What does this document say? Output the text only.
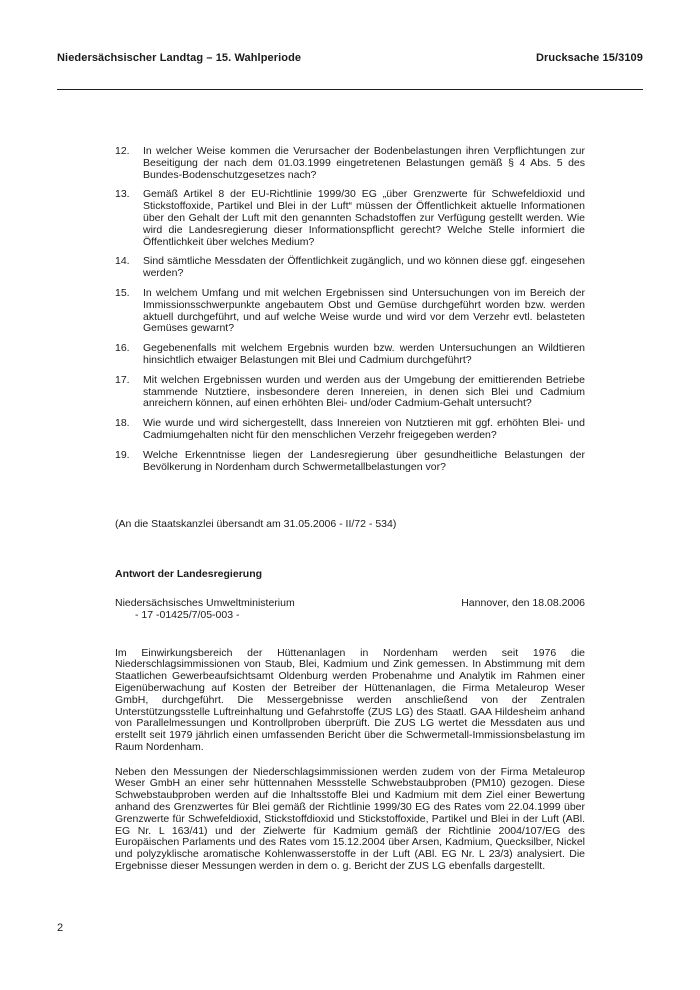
Niedersächsischer Landtag – 15. Wahlperiode	Drucksache 15/3109
12.	In welcher Weise kommen die Verursacher der Bodenbelastungen ihren Verpflichtungen zur Beseitigung der nach dem 01.03.1999 eingetretenen Belastungen gemäß § 4 Abs. 5 des Bundes-Bodenschutzgesetzes nach?
13.	Gemäß Artikel 8 der EU-Richtlinie 1999/30 EG „über Grenzwerte für Schwefeldioxid und Stickstoffoxide, Partikel und Blei in der Luft“ müssen der Öffentlichkeit aktuelle Informationen über den Gehalt der Luft mit den genannten Schadstoffen zur Verfügung gestellt werden. Wie wird die Landesregierung dieser Informationspflicht gerecht? Welche Stelle informiert die Öffentlichkeit über welches Medium?
14.	Sind sämtliche Messdaten der Öffentlichkeit zugänglich, und wo können diese ggf. eingesehen werden?
15.	In welchem Umfang und mit welchen Ergebnissen sind Untersuchungen von im Bereich der Immissionsschwerpunkte angebautem Obst und Gemüse durchgeführt worden bzw. werden aktuell durchgeführt, und auf welche Weise wurde und wird vor dem Verzehr evtl. belasteten Gemüses gewarnt?
16.	Gegebenenfalls mit welchem Ergebnis wurden bzw. werden Untersuchungen an Wildtieren hinsichtlich etwaiger Belastungen mit Blei und Cadmium durchgeführt?
17.	Mit welchen Ergebnissen wurden und werden aus der Umgebung der emittierenden Betriebe stammende Nutztiere, insbesondere deren Innereien, in denen sich Blei und Cadmium anreichern können, auf einen erhöhten Blei- und/oder Cadmium-Gehalt untersucht?
18.	Wie wurde und wird sichergestellt, dass Innereien von Nutztieren mit ggf. erhöhten Blei- und Cadmiumgehalten nicht für den menschlichen Verzehr freigegeben werden?
19.	Welche Erkenntnisse liegen der Landesregierung über gesundheitliche Belastungen der Bevölkerung in Nordenham durch Schwermetallbelastungen vor?
(An die Staatskanzlei übersandt am 31.05.2006 - II/72 - 534)
Antwort der Landesregierung
Niedersächsisches Umweltministerium
- 17 -01425/7/05-003 -
Hannover, den 18.08.2006

Im Einwirkungsbereich der Hüttenanlagen in Nordenham werden seit 1976 die Niederschlagsimmissionen von Staub, Blei, Kadmium und Zink gemessen. In Abstimmung mit dem Staatlichen Gewerbeaufsichtsamt Oldenburg werden Probenahme und Analytik im Rahmen einer Eigenüberwachung auf Kosten der Betreiber der Hüttenanlagen, die Firma Metaleurop Weser GmbH, durchgeführt. Die Messergebnisse werden anschließend von der Zentralen Unterstützungsstelle Luftreinhaltung und Gefahrstoffe (ZUS LG) des Staatl. GAA Hildesheim anhand von Parallelmessungen und Kontrollproben überprüft. Die ZUS LG wertet die Messdaten aus und erstellt seit 1979 jährlich einen umfassenden Bericht über die Schwermetall-Immissionsbelastung im Raum Nordenham.

Neben den Messungen der Niederschlagsimmissionen werden zudem von der Firma Metaleurop Weser GmbH an einer sehr hüttennahen Messstelle Schwebstaubproben (PM10) gezogen. Diese Schwebstaubproben werden auf die Inhaltsstoffe Blei und Kadmium mit dem Ziel einer Bewertung anhand des Grenzwertes für Blei gemäß der Richtlinie 1999/30 EG des Rates vom 22.04.1999 über Grenzwerte für Schwefeldioxid, Stickstoffdioxid und Stickstoffoxide, Partikel und Blei in der Luft (ABl. EG Nr. L 163/41) und der Zielwerte für Kadmium gemäß der Richtlinie 2004/107/EG des Europäischen Parlaments und des Rates vom 15.12.2004 über Arsen, Kadmium, Quecksilber, Nickel und polyzyklische aromatische Kohlenwasserstoffe in der Luft (ABl. EG Nr. L 23/3) analysiert. Die Ergebnisse dieser Messungen werden in dem o. g. Bericht der ZUS LG ebenfalls dargestellt.

2
